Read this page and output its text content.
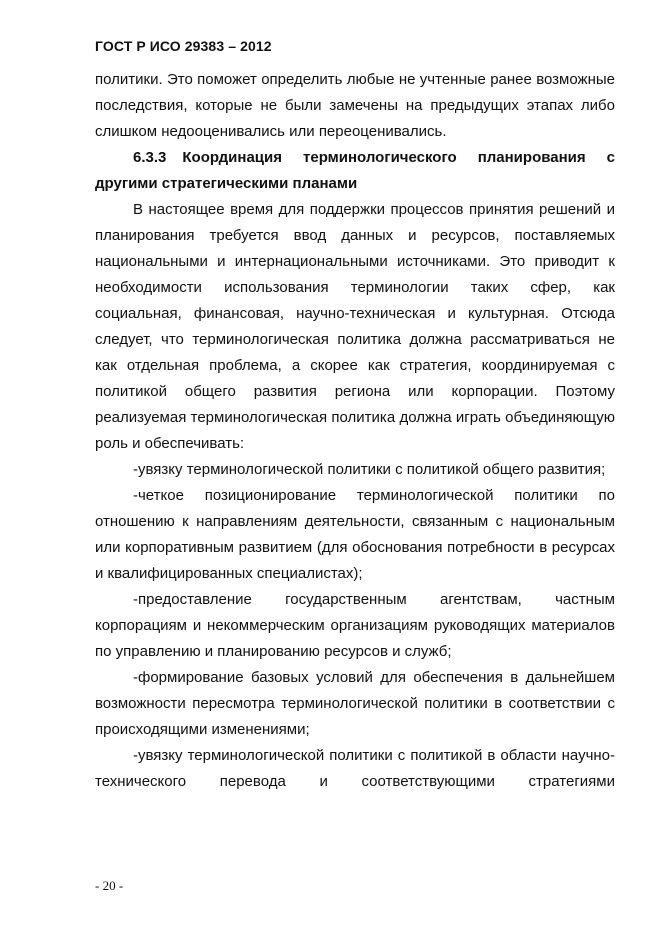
ГОСТ Р ИСО 29383 – 2012

политики. Это поможет определить любые не учтенные ранее возможные последствия, которые не были замечены на предыдущих этапах либо слишком недооценивались или переоценивались.

6.3.3 Координация терминологического планирования с другими стратегическими планами

В настоящее время для поддержки процессов принятия решений и планирования требуется ввод данных и ресурсов, поставляемых национальными и интернациональными источниками. Это приводит к необходимости использования терминологии таких сфер, как социальная, финансовая, научно-техническая и культурная. Отсюда следует, что терминологическая политика должна рассматриваться не как отдельная проблема, а скорее как стратегия, координируемая с политикой общего развития региона или корпорации. Поэтому реализуемая терминологическая политика должна играть объединяющую роль и обеспечивать:

-увязку терминологической политики с политикой общего развития;

-четкое позиционирование терминологической политики по отношению к направлениям деятельности, связанным с национальным или корпоративным развитием (для обоснования потребности в ресурсах и квалифицированных специалистах);

-предоставление государственным агентствам, частным корпорациям и некоммерческим организациям руководящих материалов по управлению и планированию ресурсов и служб;

-формирование базовых условий для обеспечения в дальнейшем возможности пересмотра терминологической политики в соответствии с происходящими изменениями;

-увязку терминологической политики с политикой в области научно-технического перевода и соответствующими стратегиями

- 20 -
